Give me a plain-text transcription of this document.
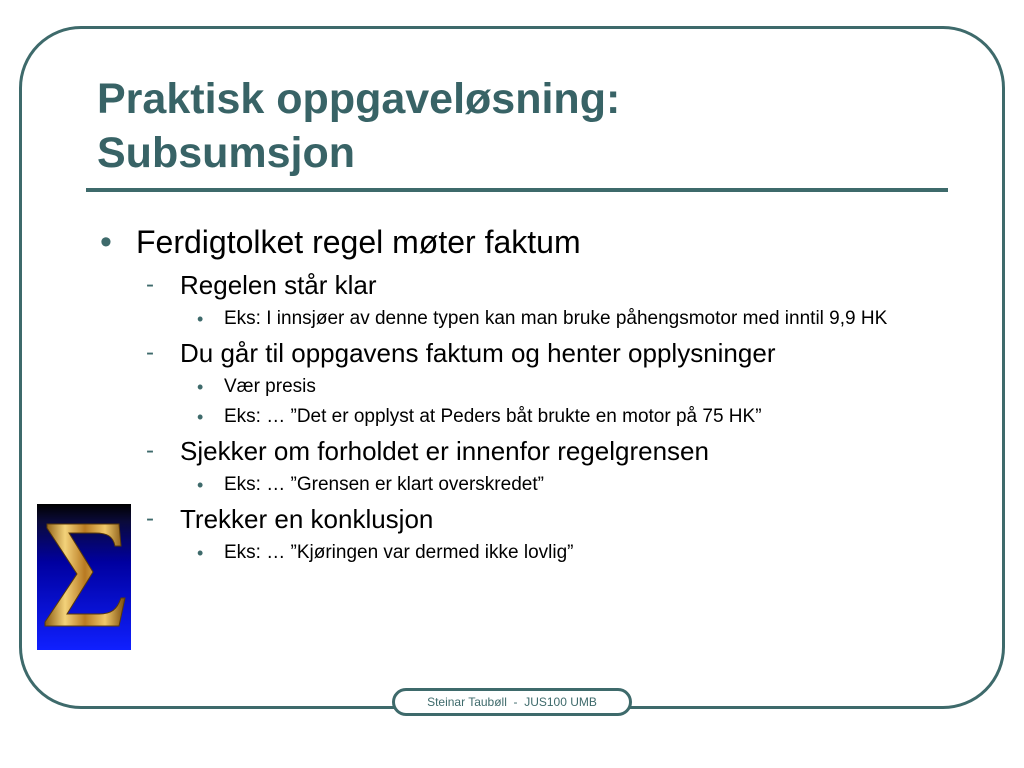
Praktisk oppgaveløsning:
Subsumsjon
• Ferdigtolket regel møter faktum
- Regelen står klar
• Eks: I innsjøer av denne typen kan man bruke påhengsmotor med inntil 9,9 HK
- Du går til oppgavens faktum og henter opplysninger
• Vær presis
• Eks: … ”Det er opplyst at Peders båt brukte en motor på 75 HK”
- Sjekker om forholdet er innenfor regelgrensen
• Eks: … ”Grensen er klart overskredet”
- Trekker en konklusjon
• Eks: … ”Kjøringen var dermed ikke lovlig”
Steinar Taubøll  -  JUS100 UMB
